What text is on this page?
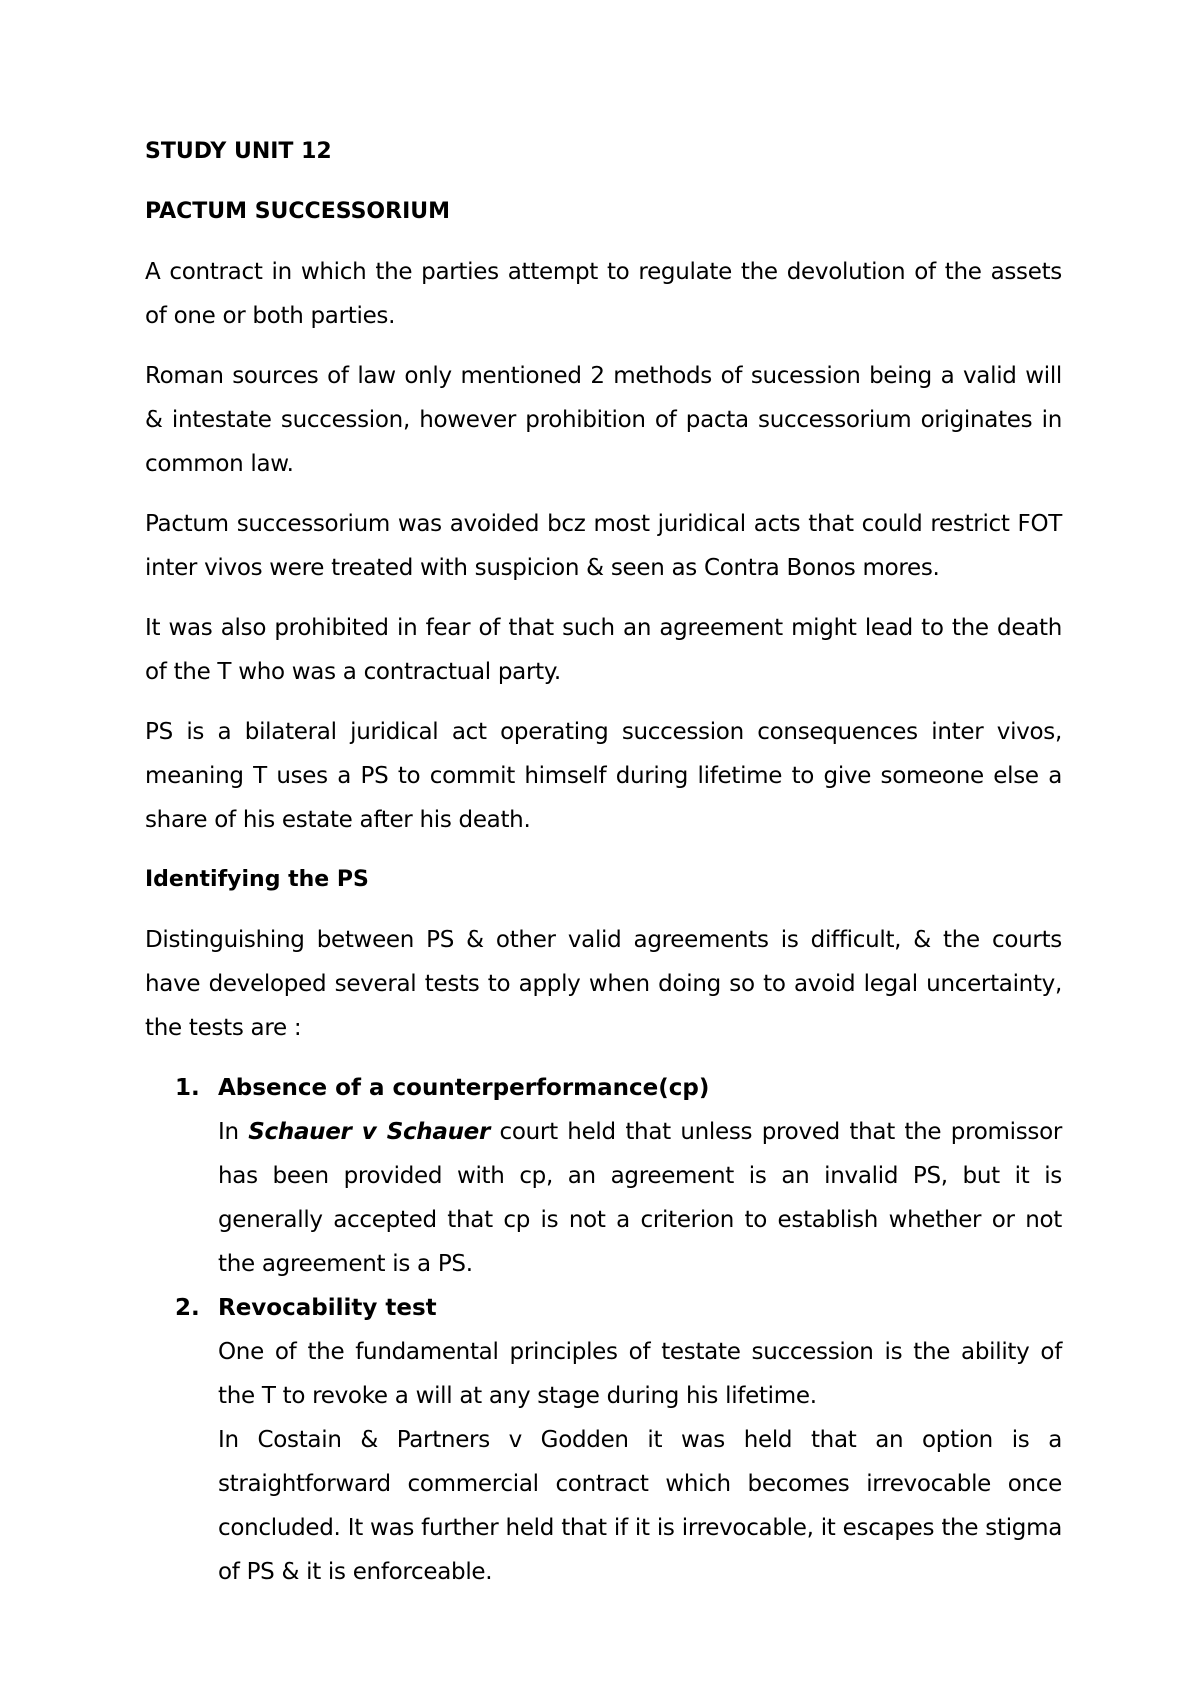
STUDY UNIT 12
PACTUM SUCCESSORIUM
A contract in which the parties attempt to regulate the devolution of the assets of one or both parties.
Roman sources of law only mentioned 2 methods of sucession being a valid will & intestate succession, however prohibition of pacta successorium originates in common law.
Pactum successorium was avoided bcz most juridical acts that could restrict FOT inter vivos were treated with suspicion & seen as Contra Bonos mores.
It was also prohibited in fear of that such an agreement might lead to the death of the T who was a contractual party.
PS is a bilateral juridical act operating succession consequences inter vivos, meaning T uses a PS to commit himself during lifetime to give someone else a share of his estate after his death.
Identifying the PS
Distinguishing between PS & other valid agreements is difficult, & the courts have developed several tests to apply when doing so to avoid legal uncertainty, the tests are :
1. Absence of a counterperformance(cp)
In Schauer v Schauer court held that unless proved that the promissor has been provided with cp, an agreement is an invalid PS, but it is generally accepted that cp is not a criterion to establish whether or not the agreement is a PS.
2. Revocability test
One of the fundamental principles of testate succession is the ability of the T to revoke a will at any stage during his lifetime.
In Costain & Partners v Godden it was held that an option is a straightforward commercial contract which becomes irrevocable once concluded. It was further held that if it is irrevocable, it escapes the stigma of PS & it is enforceable.
